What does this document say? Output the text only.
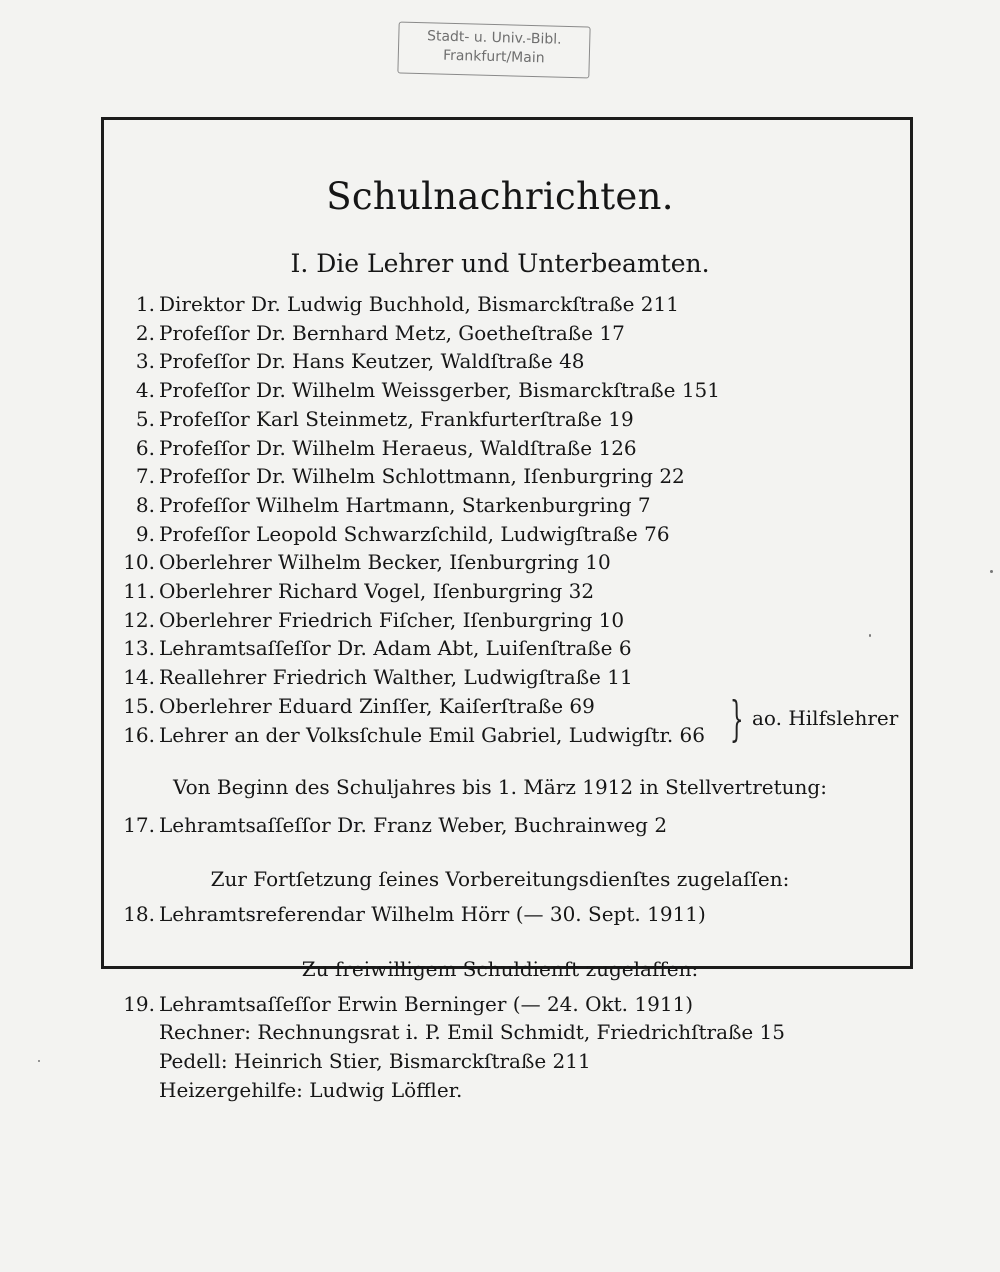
Stadt- u. Univ.-Bibl.
Frankfurt/Main
Schulnachrichten.
I. Die Lehrer und Unterbeamten.
1. Direktor Dr. Ludwig Buchhold, Bismarckſtraße 211
2. Profeſſor Dr. Bernhard Metz, Goetheſtraße 17
3. Profeſſor Dr. Hans Keutzer, Waldſtraße 48
4. Profeſſor Dr. Wilhelm Weissgerber, Bismarckſtraße 151
5. Profeſſor Karl Steinmetz, Frankfurterſtraße 19
6. Profeſſor Dr. Wilhelm Heraeus, Waldſtraße 126
7. Profeſſor Dr. Wilhelm Schlottmann, Iſenburgring 22
8. Profeſſor Wilhelm Hartmann, Starkenburgring 7
9. Profeſſor Leopold Schwarzſchild, Ludwigſtraße 76
10. Oberlehrer Wilhelm Becker, Iſenburgring 10
11. Oberlehrer Richard Vogel, Iſenburgring 32
12. Oberlehrer Friedrich Fiſcher, Iſenburgring 10
13. Lehramtsaſſeſſor Dr. Adam Abt, Luiſenſtraße 6
14. Reallehrer Friedrich Walther, Ludwigſtraße 11
15. Oberlehrer Eduard Zinſſer, Kaiſerſtraße 69
16. Lehrer an der Volksſchule Emil Gabriel, Ludwigſtr. 66 } ao. Hilfslehrer
Von Beginn des Schuljahres bis 1. März 1912 in Stellvertretung:
17. Lehramtsaſſeſſor Dr. Franz Weber, Buchrainweg 2
Zur Fortſetzung ſeines Vorbereitungsdienſtes zugelaſſen:
18. Lehramtsreferendar Wilhelm Hörr (— 30. Sept. 1911)
Zu freiwilligem Schuldienſt zugelaſſen:
19. Lehramtsaſſeſſor Erwin Berninger (— 24. Okt. 1911)
Rechner: Rechnungsrat i. P. Emil Schmidt, Friedrichſtraße 15
Pedell: Heinrich Stier, Bismarckſtraße 211
Heizergehilfe: Ludwig Löffler.
